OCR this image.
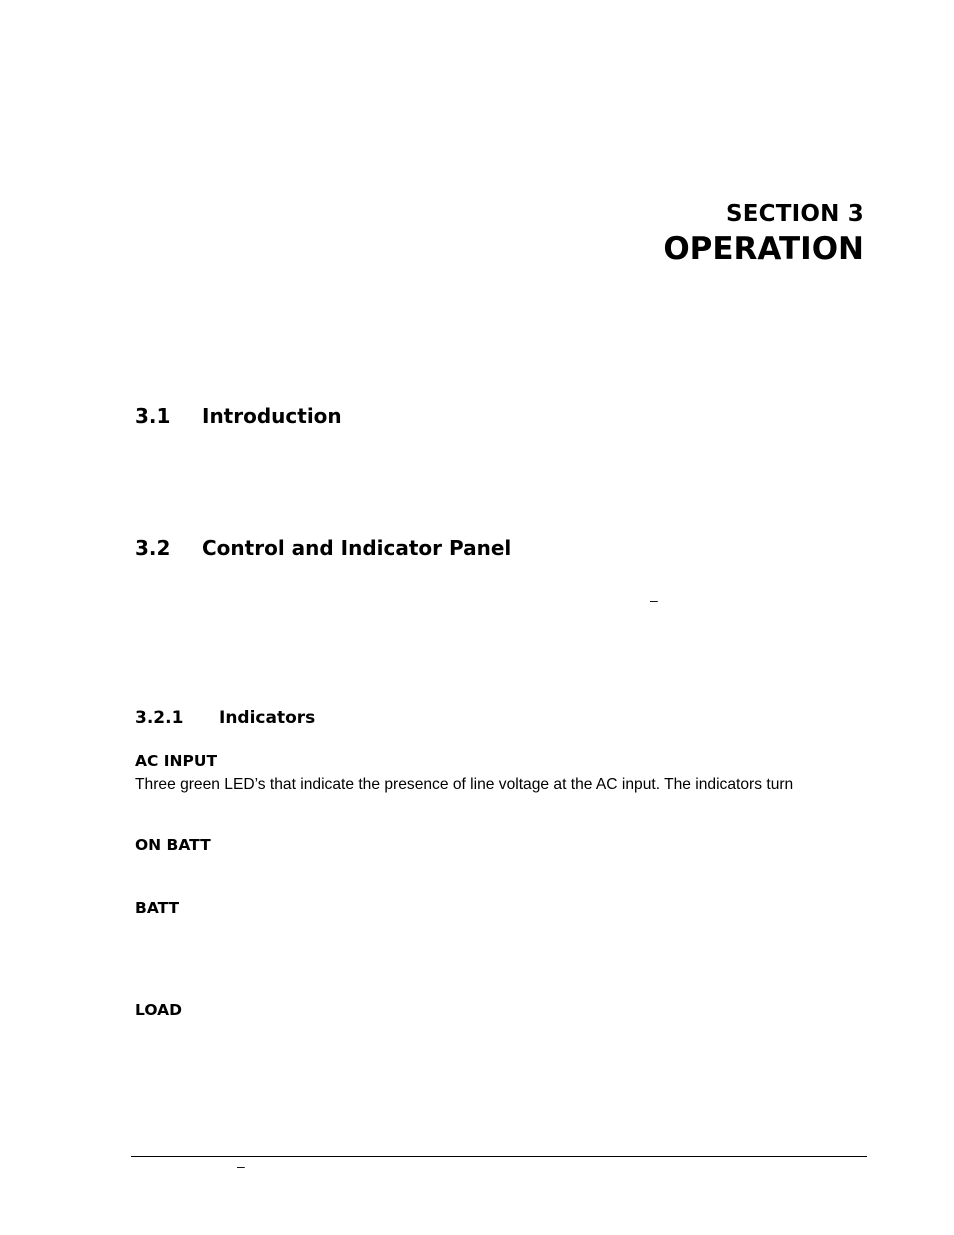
SECTION 3
OPERATION
3.1 Introduction
3.2 Control and Indicator Panel
–
3.2.1 Indicators
AC INPUT
Three green LED’s that indicate the presence of line voltage at the AC input. The indicators turn
ON BATT
BATT
LOAD
–
